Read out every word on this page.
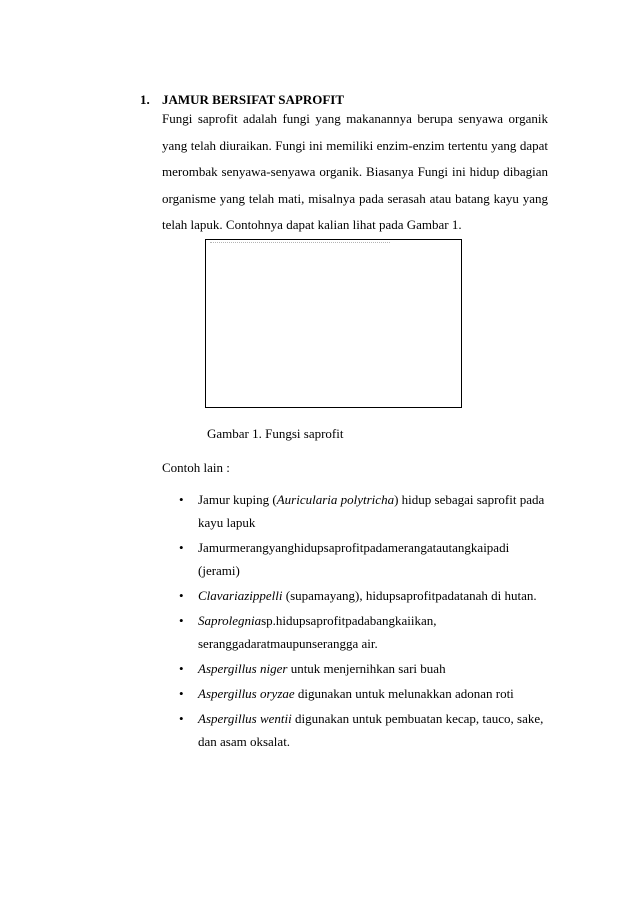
1. JAMUR BERSIFAT SAPROFIT
Fungi saprofit adalah fungi yang makanannya berupa senyawa organik yang telah diuraikan. Fungi ini memiliki enzim-enzim tertentu yang dapat merombak senyawa-senyawa organik. Biasanya Fungi ini hidup dibagian organisme yang telah mati, misalnya pada serasah atau batang kayu yang telah lapuk. Contohnya dapat kalian lihat pada Gambar 1.
Gambar 1. Fungsi saprofit
Contoh lain :
• Jamur kuping (Auricularia polytricha) hidup sebagai saprofit pada
kayu lapuk
• Jamurmerangyanghidupsaprofitpadamerangatautangkaipadi
(jerami)
• Clavariazippelli (supamayang), hidupsaprofitpadatanah di hutan.
• Saprolegniasp.hidupsaprofitpadabangkaiikan,
seranggadaratmaupunserangga air.
• Aspergillus niger untuk menjernihkan sari buah
• Aspergillus oryzae digunakan untuk melunakkan adonan roti
• Aspergillus wentii digunakan untuk pembuatan kecap, tauco, sake,
dan asam oksalat.
